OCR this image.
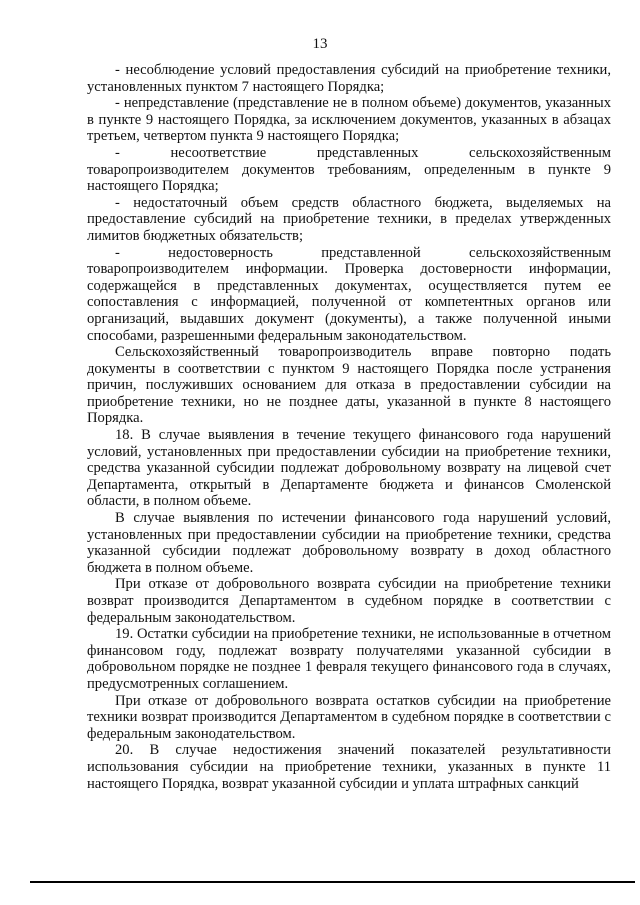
13

- несоблюдение условий предоставления субсидий на приобретение техники, установленных пунктом 7 настоящего Порядка;

- непредставление (представление не в полном объеме) документов, указанных в пункте 9 настоящего Порядка, за исключением документов, указанных в абзацах третьем, четвертом пункта 9 настоящего Порядка;

- несоответствие представленных сельскохозяйственным товаропроизводителем документов требованиям, определенным в пункте 9 настоящего Порядка;

- недостаточный объем средств областного бюджета, выделяемых на предоставление субсидий на приобретение техники, в пределах утвержденных лимитов бюджетных обязательств;

- недостоверность представленной сельскохозяйственным товаропроизводителем информации. Проверка достоверности информации, содержащейся в представленных документах, осуществляется путем ее сопоставления с информацией, полученной от компетентных органов или организаций, выдавших документ (документы), а также полученной иными способами, разрешенными федеральным законодательством.

Сельскохозяйственный товаропроизводитель вправе повторно подать документы в соответствии с пунктом 9 настоящего Порядка после устранения причин, послуживших основанием для отказа в предоставлении субсидии на приобретение техники, но не позднее даты, указанной в пункте 8 настоящего Порядка.

18. В случае выявления в течение текущего финансового года нарушений условий, установленных при предоставлении субсидии на приобретение техники, средства указанной субсидии подлежат добровольному возврату на лицевой счет Департамента, открытый в Департаменте бюджета и финансов Смоленской области, в полном объеме.

В случае выявления по истечении финансового года нарушений условий, установленных при предоставлении субсидии на приобретение техники, средства указанной субсидии подлежат добровольному возврату в доход областного бюджета в полном объеме.

При отказе от добровольного возврата субсидии на приобретение техники возврат производится Департаментом в судебном порядке в соответствии с федеральным законодательством.

19. Остатки субсидии на приобретение техники, не использованные в отчетном финансовом году, подлежат возврату получателями указанной субсидии в добровольном порядке не позднее 1 февраля текущего финансового года в случаях, предусмотренных соглашением.

При отказе от добровольного возврата остатков субсидии на приобретение техники возврат производится Департаментом в судебном порядке в соответствии с федеральным законодательством.

20. В случае недостижения значений показателей результативности использования субсидии на приобретение техники, указанных в пункте 11 настоящего Порядка, возврат указанной субсидии и уплата штрафных санкций
